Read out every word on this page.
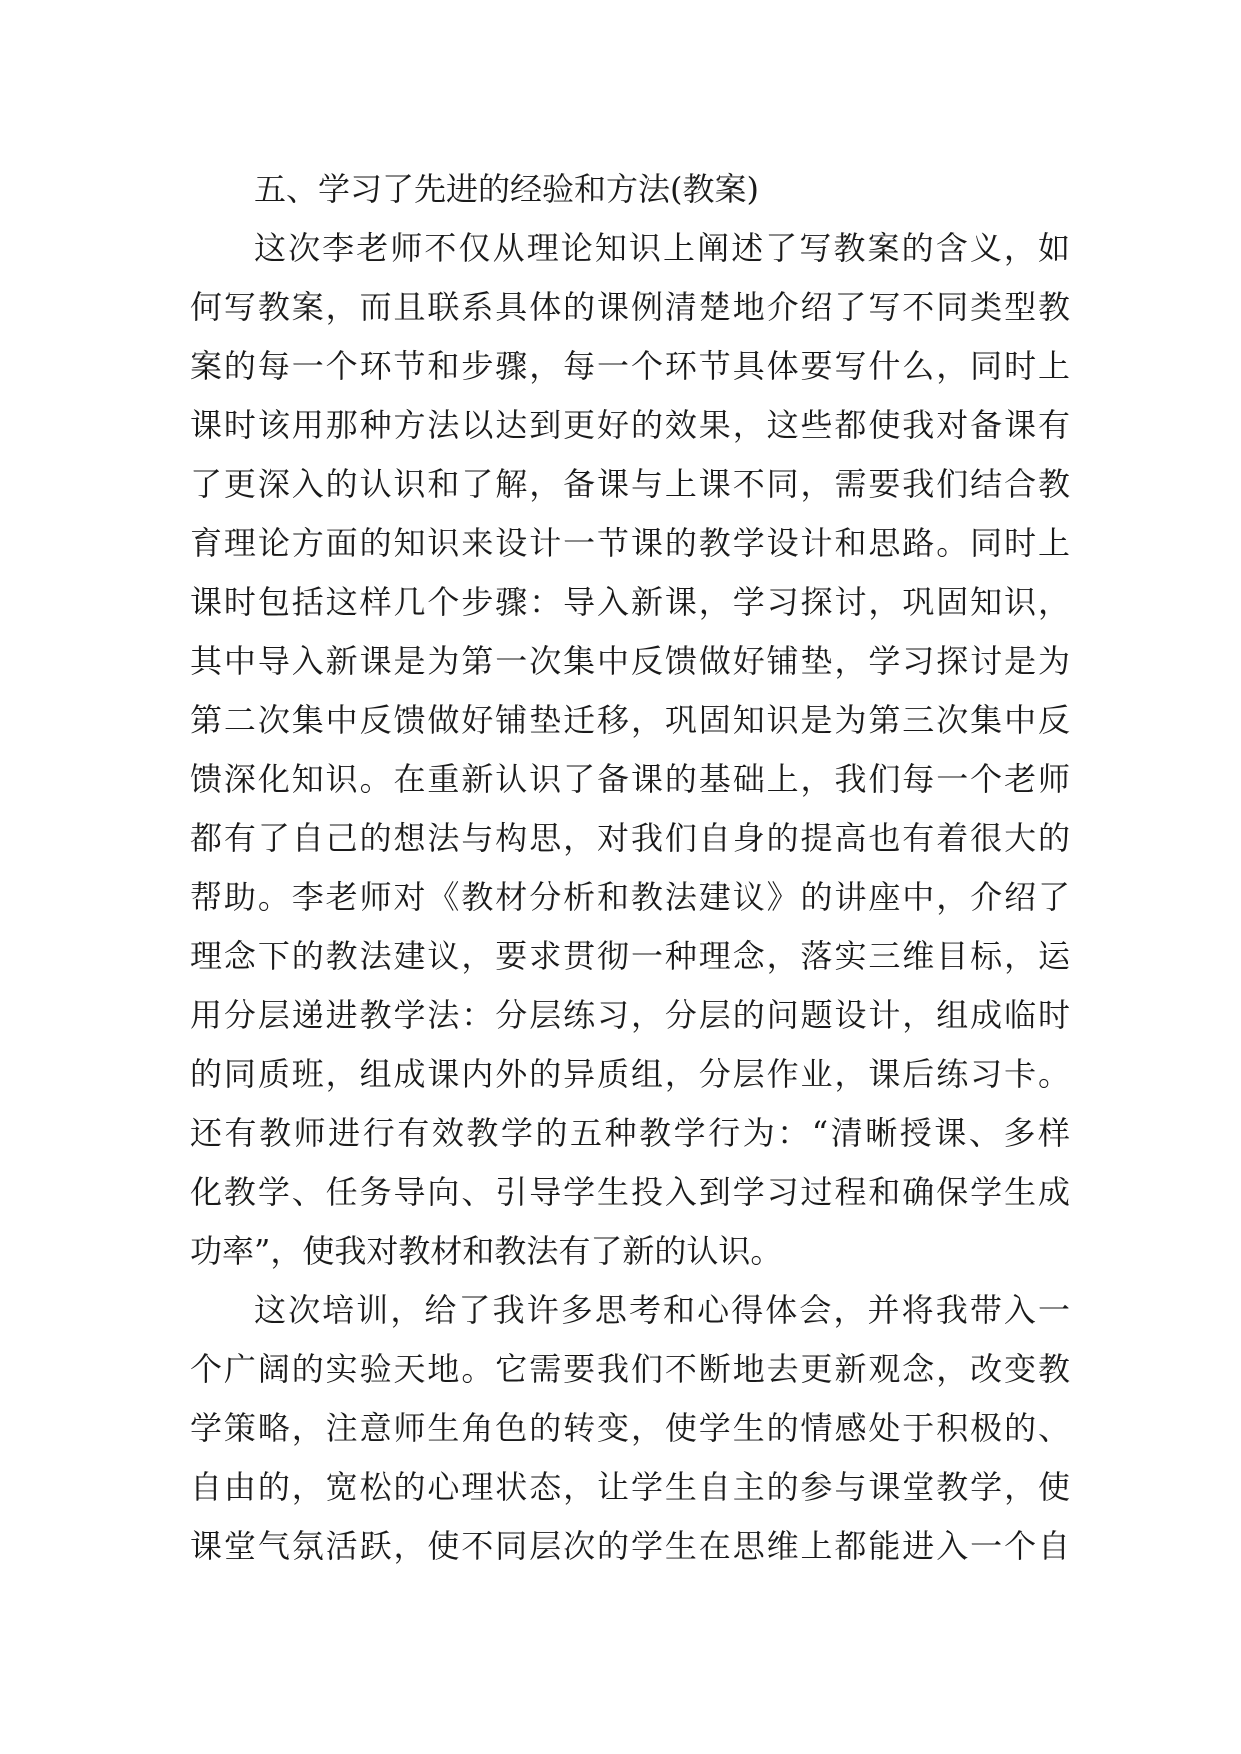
五、学习了先进的经验和方法(教案)
这次李老师不仅从理论知识上阐述了写教案的含义，如
何写教案，而且联系具体的课例清楚地介绍了写不同类型教
案的每一个环节和步骤，每一个环节具体要写什么，同时上
课时该用那种方法以达到更好的效果，这些都使我对备课有
了更深入的认识和了解，备课与上课不同，需要我们结合教
育理论方面的知识来设计一节课的教学设计和思路。同时上
课时包括这样几个步骤：导入新课，学习探讨，巩固知识，
其中导入新课是为第一次集中反馈做好铺垫，学习探讨是为
第二次集中反馈做好铺垫迁移，巩固知识是为第三次集中反
馈深化知识。在重新认识了备课的基础上，我们每一个老师
都有了自己的想法与构思，对我们自身的提高也有着很大的
帮助。李老师对《教材分析和教法建议》的讲座中，介绍了
理念下的教法建议，要求贯彻一种理念，落实三维目标，运
用分层递进教学法：分层练习，分层的问题设计，组成临时
的同质班，组成课内外的异质组，分层作业，课后练习卡。
还有教师进行有效教学的五种教学行为：“清晰授课、多样
化教学、任务导向、引导学生投入到学习过程和确保学生成
功率”，使我对教材和教法有了新的认识。
这次培训，给了我许多思考和心得体会，并将我带入一
个广阔的实验天地。它需要我们不断地去更新观念，改变教
学策略，注意师生角色的转变，使学生的情感处于积极的、
自由的，宽松的心理状态，让学生自主的参与课堂教学，使
课堂气氛活跃，使不同层次的学生在思维上都能进入一个自
